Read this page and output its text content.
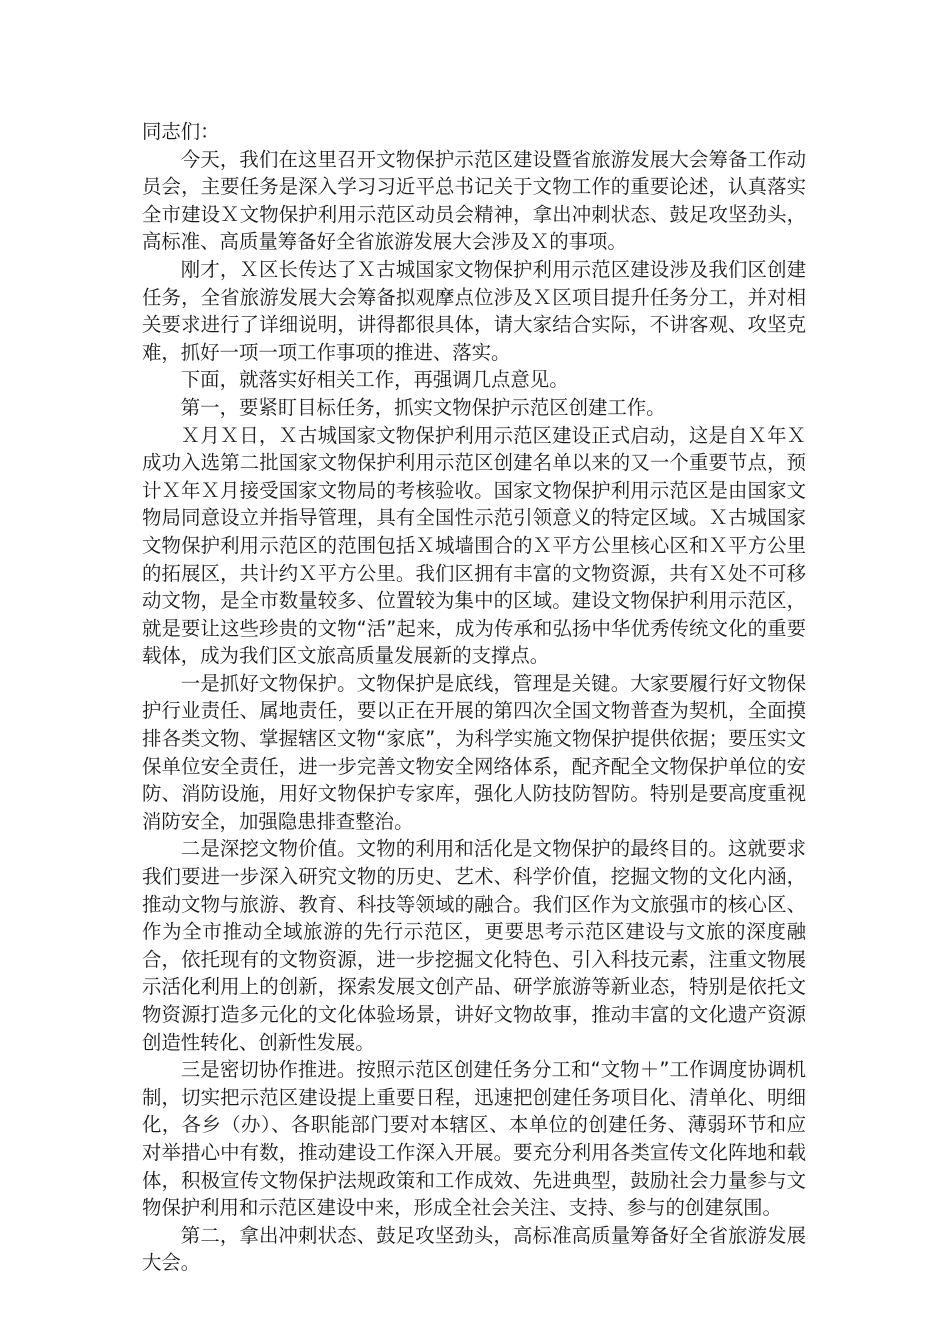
同志们：

今天，我们在这里召开文物保护示范区建设暨省旅游发展大会筹备工作动员会，主要任务是深入学习习近平总书记关于文物工作的重要论述，认真落实全市建设Ｘ文物保护利用示范区动员会精神，拿出冲刺状态、鼓足攻坚劲头，高标准、高质量筹备好全省旅游发展大会涉及Ｘ的事项。

刚才，Ｘ区长传达了Ｘ古城国家文物保护利用示范区建设涉及我们区创建任务，全省旅游发展大会筹备拟观摩点位涉及Ｘ区项目提升任务分工，并对相关要求进行了详细说明，讲得都很具体，请大家结合实际，不讲客观、攻坚克难，抓好一项一项工作事项的推进、落实。

下面，就落实好相关工作，再强调几点意见。

第一，要紧盯目标任务，抓实文物保护示范区创建工作。

Ｘ月Ｘ日，Ｘ古城国家文物保护利用示范区建设正式启动，这是自Ｘ年Ｘ成功入选第二批国家文物保护利用示范区创建名单以来的又一个重要节点，预计Ｘ年Ｘ月接受国家文物局的考核验收。国家文物保护利用示范区是由国家文物局同意设立并指导管理，具有全国性示范引领意义的特定区域。Ｘ古城国家文物保护利用示范区的范围包括Ｘ城墙围合的Ｘ平方公里核心区和Ｘ平方公里的拓展区，共计约Ｘ平方公里。我们区拥有丰富的文物资源，共有Ｘ处不可移动文物，是全市数量较多、位置较为集中的区域。建设文物保护利用示范区，就是要让这些珍贵的文物“活”起来，成为传承和弘扬中华优秀传统文化的重要载体，成为我们区文旅高质量发展新的支撑点。

一是抓好文物保护。文物保护是底线，管理是关键。大家要履行好文物保护行业责任、属地责任，要以正在开展的第四次全国文物普查为契机，全面摸排各类文物、掌握辖区文物“家底”，为科学实施文物保护提供依据；要压实文保单位安全责任，进一步完善文物安全网络体系，配齐配全文物保护单位的安防、消防设施，用好文物保护专家库，强化人防技防智防。特别是要高度重视消防安全，加强隐患排查整治。

二是深挖文物价值。文物的利用和活化是文物保护的最终目的。这就要求我们要进一步深入研究文物的历史、艺术、科学价值，挖掘文物的文化内涵，推动文物与旅游、教育、科技等领域的融合。我们区作为文旅强市的核心区、作为全市推动全域旅游的先行示范区，更要思考示范区建设与文旅的深度融合，依托现有的文物资源，进一步挖掘文化特色、引入科技元素，注重文物展示活化利用上的创新，探索发展文创产品、研学旅游等新业态，特别是依托文物资源打造多元化的文化体验场景，讲好文物故事，推动丰富的文化遗产资源创造性转化、创新性发展。

三是密切协作推进。按照示范区创建任务分工和“文物＋”工作调度协调机制，切实把示范区建设提上重要日程，迅速把创建任务项目化、清单化、明细化，各乡（办）、各职能部门要对本辖区、本单位的创建任务、薄弱环节和应对举措心中有数，推动建设工作深入开展。要充分利用各类宣传文化阵地和载体，积极宣传文物保护法规政策和工作成效、先进典型，鼓励社会力量参与文物保护利用和示范区建设中来，形成全社会关注、支持、参与的创建氛围。

第二，拿出冲刺状态、鼓足攻坚劲头，高标准高质量筹备好全省旅游发展大会。
